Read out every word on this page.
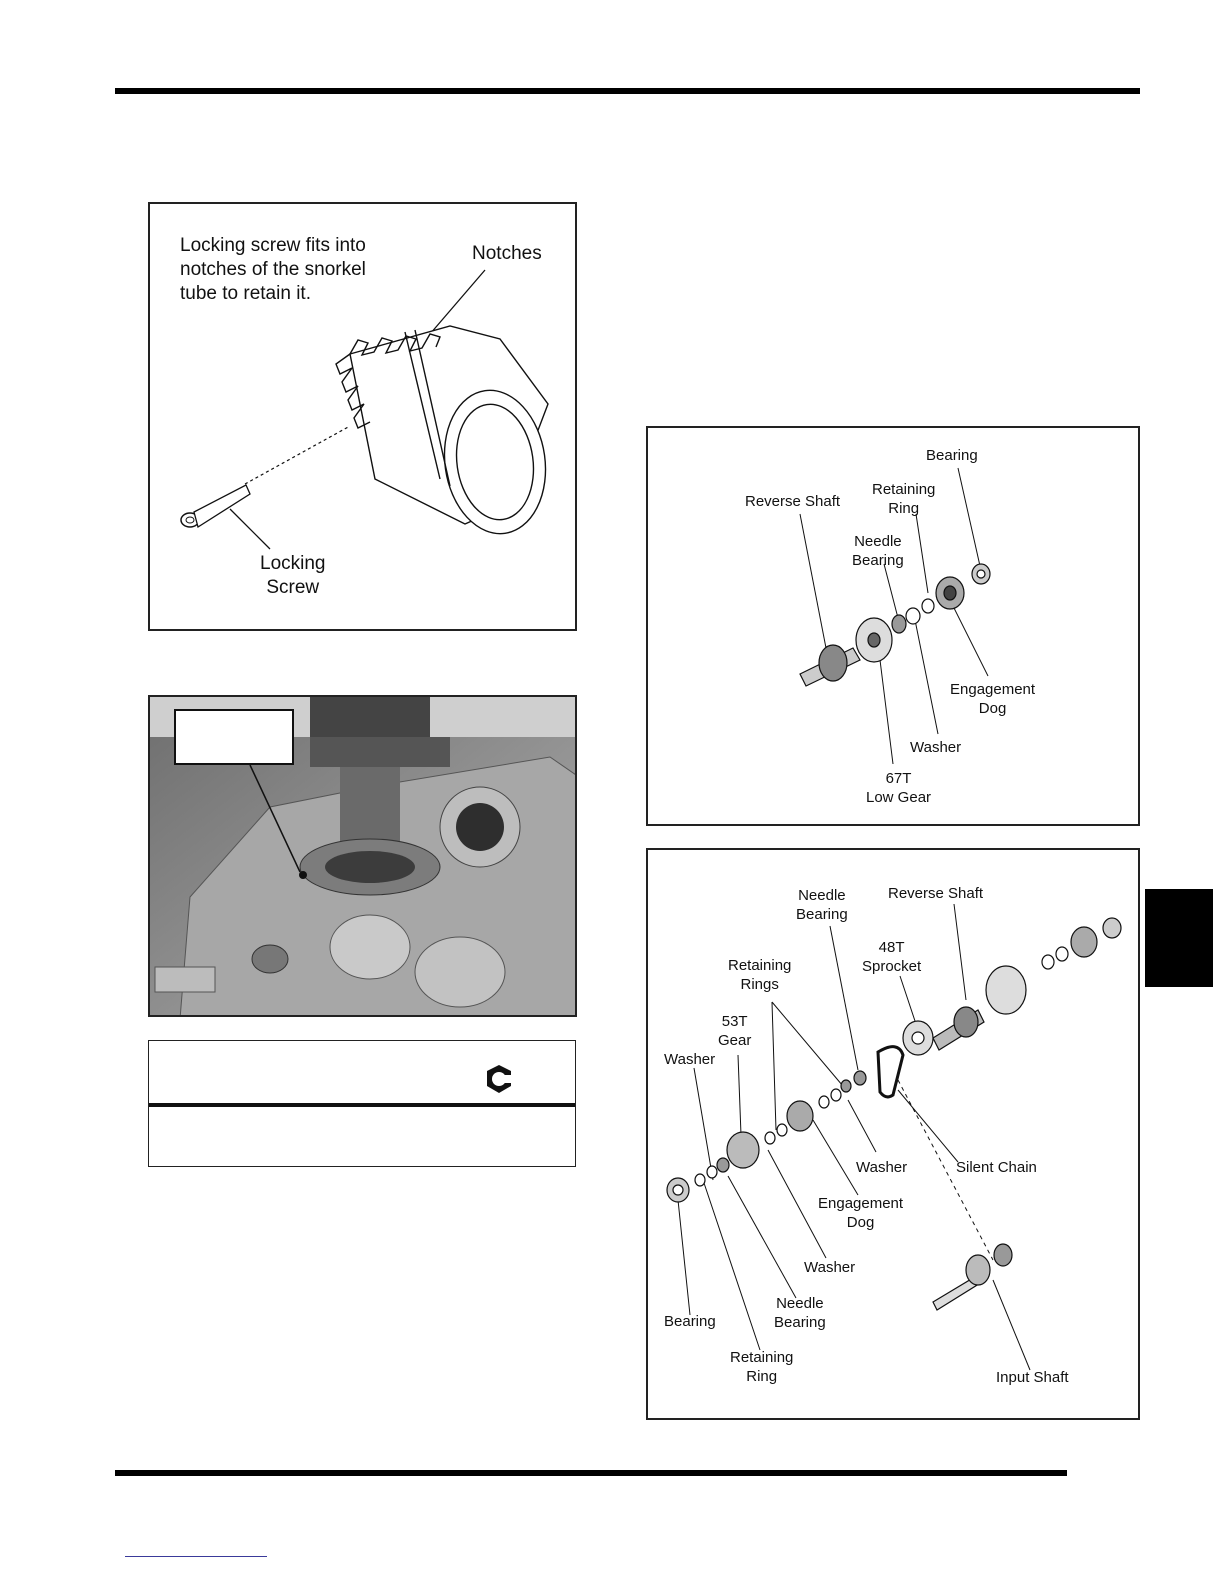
Locking screw fits into
notches of the snorkel
tube to retain it.
Notches
Locking
Screw
Bearing
Retaining
Ring
Reverse Shaft
Needle
Bearing
Engagement
Dog
Washer
67T
Low Gear
Needle
Bearing
Reverse Shaft
48T
Sprocket
Retaining
Rings
53T
Gear
Washer
Washer	Silent Chain
Engagement
Dog
Washer
Needle
Bearing
Bearing
Retaining
Ring	Input Shaft
